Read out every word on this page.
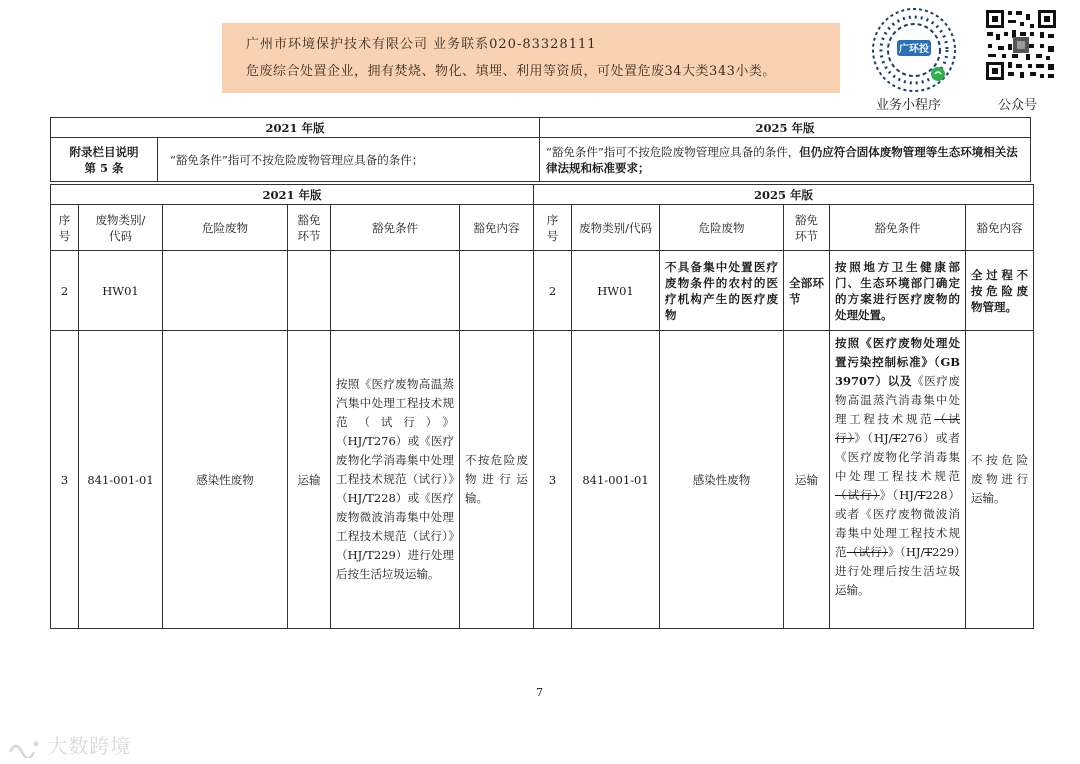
广州市环境保护技术有限公司 业务联系020-83328111
危废综合处置企业，拥有焚烧、物化、填埋、利用等资质，可处置危废34大类343小类。
广环投
业务小程序	公众号
2021 年版		2025 年版
附录栏目说明
第 5 条	“豁免条件”指可不按危险废物管理应具备的条件；	“豁免条件”指可不按危险废物管理应具备的条件，但仍应符合固体废物管理等生态环境相关法律法规和标准要求；
2021 年版						2025 年版					
序号	废物类别/代码	危险废物	豁免环节	豁免条件	豁免内容	序号	废物类别/代码	危险废物	豁免环节	豁免条件	豁免内容
2	HW01					2	HW01	不具备集中处置医疗废物条件的农村的医疗机构产生的医疗废物	全部环节	按照地方卫生健康部门、生态环境部门确定的方案进行医疗废物的处理处置。	全过程不按危险废物管理。
3	841-001-01	感染性废物	运输	按照《医疗废物高温蒸汽集中处理工程技术规范（试行）》（HJ/T276）或《医疗废物化学消毒集中处理工程技术规范（试行）》（HJ/T228）或《医疗废物微波消毒集中处理工程技术规范（试行）》（HJ/T229）进行处理后按生活垃圾运输。	不按危险废物进行运输。	3	841-001-01	感染性废物	运输	按照《医疗废物处理处置污染控制标准》（GB 39707）以及《医疗废物高温蒸汽消毒集中处理工程技术规范（试行）》（HJ/T276）或者《医疗废物化学消毒集中处理工程技术规范（试行）》（HJ/T228）或者《医疗废物微波消毒集中处理工程技术规范（试行）》（HJ/T229）进行处理后按生活垃圾运输。	不按危险废物进行运输。
7
大数跨境
